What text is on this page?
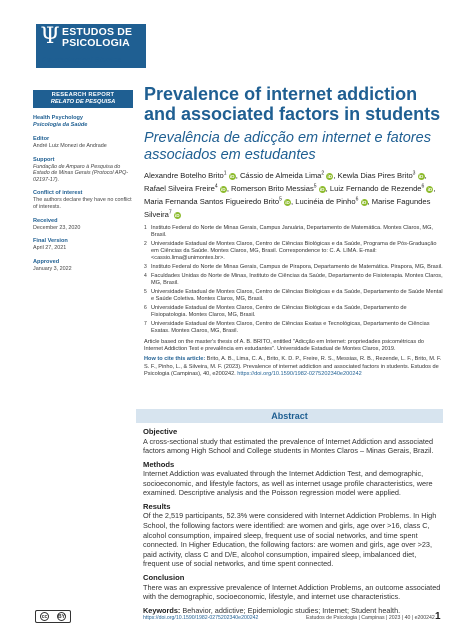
Ψ ESTUDOS DE
PSICOLOGIA
Psychological Studies
RESEARCH REPORT
RELATO DE PESQUISA
Health Psychology
Psicologia da Saúde
Editor
André Luiz Monezi de Andrade
Support
Fundação de Amparo à Pesquisa do Estado de Minas Gerais (Protocol APQ-02197-17).
Conflict of interest
The authors declare they have no conflict of interests.
Received
December 23, 2020
Final Version
April 27, 2021
Approved
January 3, 2022
Prevalence of internet addiction and associated factors in students
Prevalência de adicção em internet e fatores associados em estudantes
Alexandre Botelho Brito$^1$ iD, Cássio de Almeida Lima$^2$ iD, Kewla Dias Pires Brito$^3$ iD, Rafael Silveira Freire$^4$ iD, Romerson Brito Messias$^5$ iD, Luiz Fernando de Rezende$^6$ iD, Maria Fernanda Santos Figueiredo Brito$^5$ iD, Lucinéia de Pinho$^6$ iD, Marise Fagundes Silveira$^7$ iD
1 Instituto Federal do Norte de Minas Gerais, Campus Januária, Departamento de Matemática. Montes Claros, MG, Brasil.
2 Universidade Estadual de Montes Claros, Centro de Ciências Biológicas e da Saúde, Programa de Pós-Graduação em Ciências da Saúde. Montes Claros, MG, Brasil. Correspondence to: C. A. LIMA. E-mail: <cassio.lima@unimontes.br>.
3 Instituto Federal do Norte de Minas Gerais, Campus de Pirapora, Departamento de Matemática. Pirapora, MG, Brasil.
4 Faculdades Unidas do Norte de Minas, Instituto de Ciências da Saúde, Departamento de Fisioterapia. Montes Claros, MG, Brasil.
5 Universidade Estadual de Montes Claros, Centro de Ciências Biológicas e da Saúde, Departamento de Saúde Mental e Saúde Coletiva. Montes Claros, MG, Brasil.
6 Universidade Estadual de Montes Claros, Centro de Ciências Biológicas e da Saúde, Departamento de Fisiopatologia. Montes Claros, MG, Brasil.
7 Universidade Estadual de Montes Claros, Centro de Ciências Exatas e Tecnológicas, Departamento de Ciências Exatas. Montes Claros, MG, Brasil.
Article based on the master's thesis of A. B. BRITO, entitled "Adicção em Internet: propriedades psicométricas do Internet Addiction Test e prevalência em estudantes". Universidade Estadual de Montes Claros, 2019.
How to cite this article: Brito, A. B., Lima, C. A., Brito, K. D. P., Freire, R. S., Messias, R. B., Rezende, L. F., Brito, M. F. S. F., Pinho, L., & Silveira, M. F. (2023). Prevalence of internet addiction and associated factors in students. Estudos de Psicologia (Campinas), 40, e200242. https://doi.org/10.1590/1982-0275202340e200242
Abstract
Objective
A cross-sectional study that estimated the prevalence of Internet Addiction and associated factors among High School and College students in Montes Claros – Minas Gerais, Brazil.
Methods
Internet Addiction was evaluated through the Internet Addiction Test, and demographic, socioeconomic, and lifestyle factors, as well as internet usage profile characteristics, were examined. Descriptive analysis and the Poisson regression model were applied.
Results
Of the 2,519 participants, 52.3% were considered with Internet Addiction Problems. In High School, the following factors were identified: are women and girls, age over >16, class C, alcohol consumption, impaired sleep, frequent use of social networks, and time spent connected. In Higher Education, the following factors: are women and girls, age over >23, paid activity, class C and D/E, alcohol consumption, impaired sleep, imbalanced diet, frequent use of social networks, and time spent connected.
Conclusion
There was an expressive prevalence of Internet Addiction Problems, an outcome associated with the demographic, socioeconomic, lifestyle, and internet use characteristics.
Keywords: Behavior, addictive; Epidemiologic studies; Internet; Student health.
cc	BY	https://doi.org/10.1590/1982-0275202340e200242	Estudos de Psicologia | Campinas | 2023 | 40 | e200242 1
